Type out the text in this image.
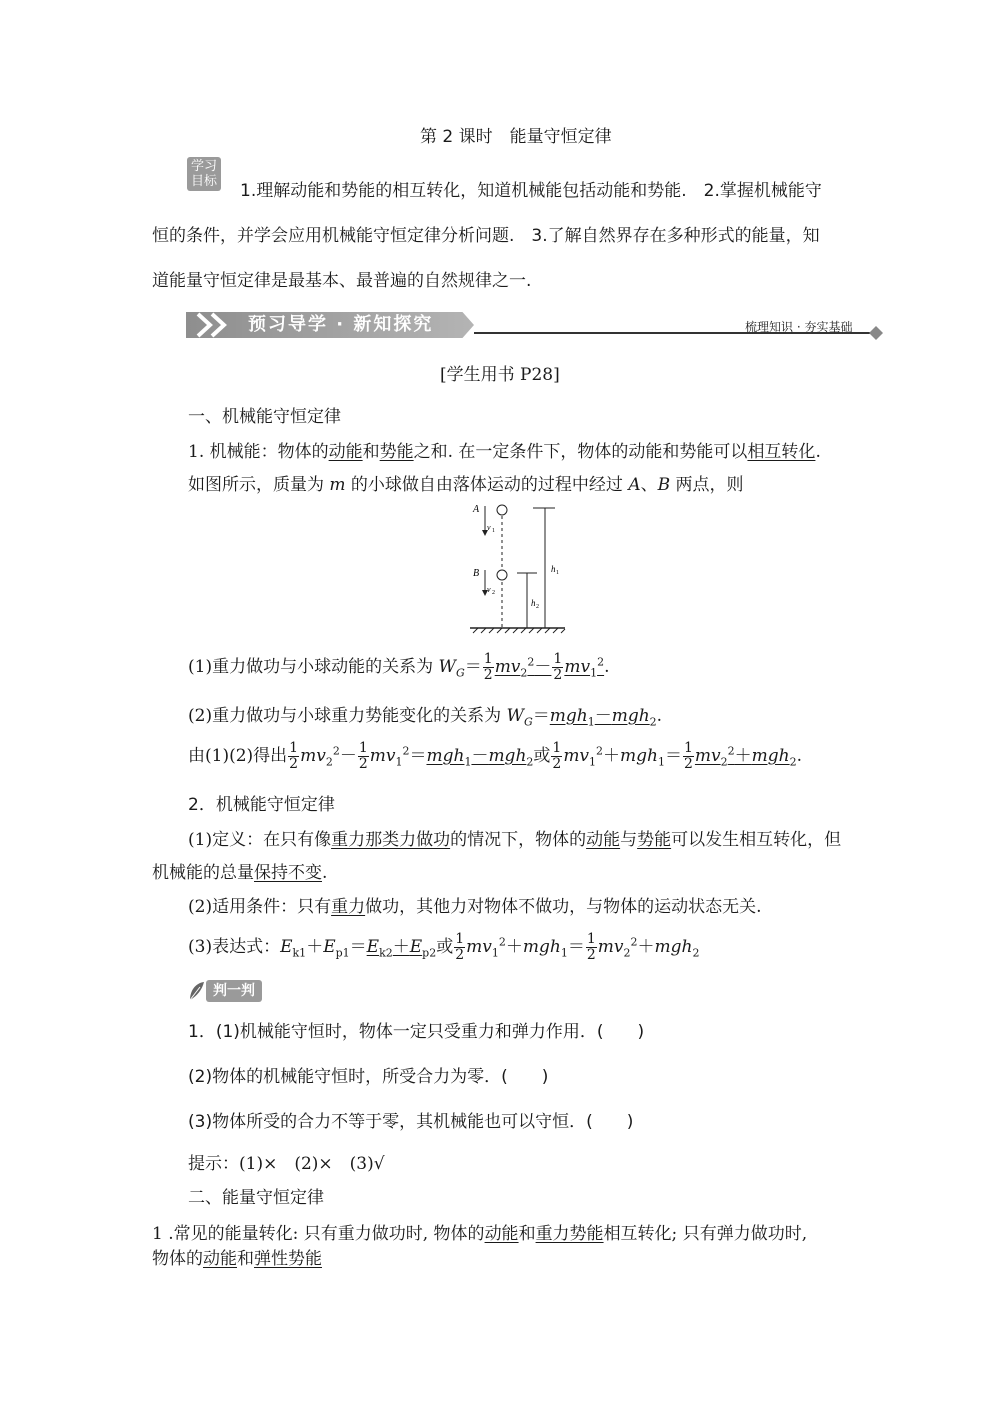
第 2 课时　能量守恒定律
学习
目标 1.理解动能和势能的相互转化，知道机械能包括动能和势能.　2.掌握机械能守
恒的条件，并学会应用机械能守恒定律分析问题.　3.了解自然界存在多种形式的能量，知
道能量守恒定律是最基本、最普遍的自然规律之一.
预习导学 · 新知探究	梳理知识 · 夯实基础
[学生用书 P28]
一、机械能守恒定律
1. 机械能：物体的动能和势能之和. 在一定条件下，物体的动能和势能可以相互转化.
如图所示，质量为 m 的小球做自由落体运动的过程中经过 A、B 两点，则
A
v 1
B
v 2
h 1
h 2
(1)重力做功与小球动能的关系为 $W_G= \frac{1}{2} mv_2^2- \frac{1}{2} mv_1^2$.
(2)重力做功与小球重力势能变化的关系为 $W_G=mgh_1-mgh_2$.
由(1)(2)得出 $\frac{1}{2} mv_2^2- \frac{1}{2} mv_1^2=mgh_1-mgh_2$或 $\frac{1}{2} mv_1^2+mgh_1= \frac{1}{2} mv_2^2+mgh_2$.
2．机械能守恒定律
(1)定义：在只有像重力那类力做功的情况下，物体的动能与势能可以发生相互转化，但
机械能的总量保持不变.
(2)适用条件：只有重力做功，其他力对物体不做功，与物体的运动状态无关.
(3)表达式：$E_{k1}+E_{p1}=E_{k2}+E_{p2}$或 $\frac{1}{2} mv_1^2+mgh_1= \frac{1}{2} mv_2^2+mgh_2$
判一判
1．(1)机械能守恒时，物体一定只受重力和弹力作用．( )
(2)物体的机械能守恒时，所受合力为零．( )
(3)物体所受的合力不等于零，其机械能也可以守恒．( )
提示：(1)×　(2)×　(3)√
二、能量守恒定律
1 .常见的能量转化: 只有重力做功时, 物体的动能和重力势能相互转化; 只有弹力做功时,
物体的动能和弹性势能
